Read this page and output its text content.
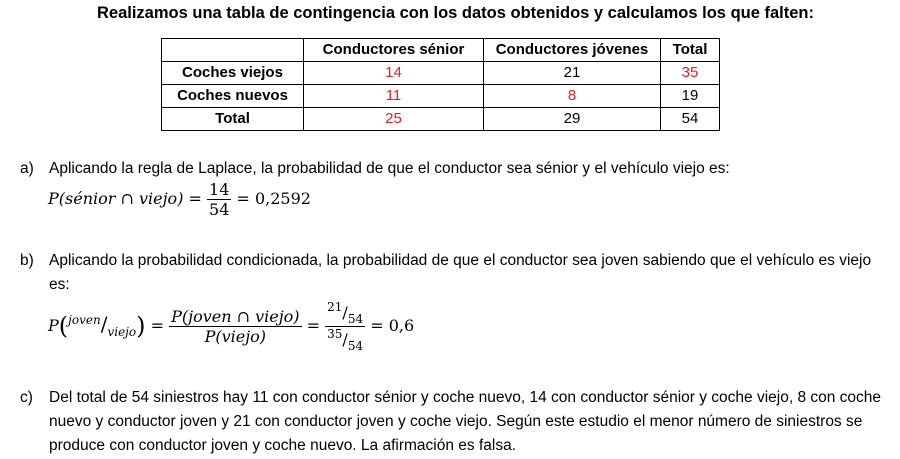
Realizamos una tabla de contingencia con los datos obtenidos y calculamos los que falten:
	Conductores sénior	Conductores jóvenes	Total
Coches viejos	14	21	35
Coches nuevos	11	8	19
Total	25	29	54
a) Aplicando la regla de Laplace, la probabilidad de que el conductor sea sénior y el vehículo viejo es:
P(sénior ∩ viejo) = $\frac{14}{54} = 0,2592$
b) Aplicando la probabilidad condicionada, la probabilidad de que el conductor sea joven sabiendo que el vehículo es viejo es:
$P(^{joven}/_{viejo}) = \frac{\text{P(joven ∩ viejo)}}{\text{P(viejo)}} = \frac{^{21}/_{54}}{^{35}/_{54}} = 0,6$
c) Del total de 54 siniestros hay 11 con conductor sénior y coche nuevo, 14 con conductor sénior y coche viejo, 8 con coche nuevo y conductor joven y 21 con conductor joven y coche viejo. Según este estudio el menor número de siniestros se produce con conductor joven y coche nuevo. La afirmación es falsa.
